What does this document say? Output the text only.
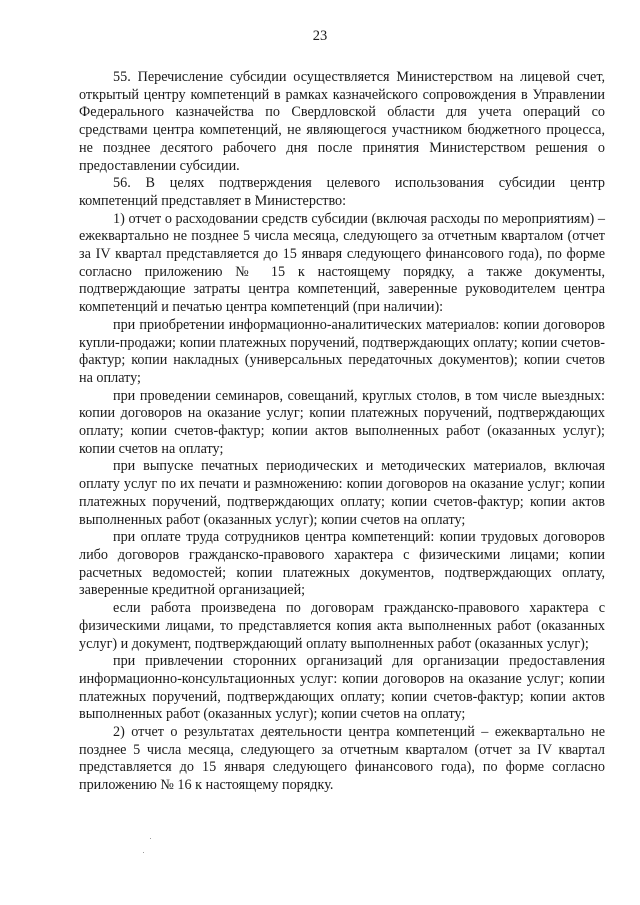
23

55. Перечисление субсидии осуществляется Министерством на лицевой счет, открытый центру компетенций в рамках казначейского сопровождения в Управлении Федерального казначейства по Свердловской области для учета операций со средствами центра компетенций, не являющегося участником бюджетного процесса, не позднее десятого рабочего дня после принятия Министерством решения о предоставлении субсидии.

56. В целях подтверждения целевого использования субсидии центр компетенций представляет в Министерство:

1) отчет о расходовании средств субсидии (включая расходы по мероприятиям) – ежеквартально не позднее 5 числа месяца, следующего за отчетным кварталом (отчет за IV квартал представляется до 15 января следующего финансового года), по форме согласно приложению № 15 к настоящему порядку, а также документы, подтверждающие затраты центра компетенций, заверенные руководителем центра компетенций и печатью центра компетенций (при наличии):

при приобретении информационно-аналитических материалов: копии договоров купли-продажи; копии платежных поручений, подтверждающих оплату; копии счетов-фактур; копии накладных (универсальных передаточных документов); копии счетов на оплату;

при проведении семинаров, совещаний, круглых столов, в том числе выездных: копии договоров на оказание услуг; копии платежных поручений, подтверждающих оплату; копии счетов-фактур; копии актов выполненных работ (оказанных услуг); копии счетов на оплату;

при выпуске печатных периодических и методических материалов, включая оплату услуг по их печати и размножению: копии договоров на оказание услуг; копии платежных поручений, подтверждающих оплату; копии счетов-фактур; копии актов выполненных работ (оказанных услуг); копии счетов на оплату;

при оплате труда сотрудников центра компетенций: копии трудовых договоров либо договоров гражданско-правового характера с физическими лицами; копии расчетных ведомостей; копии платежных документов, подтверждающих оплату, заверенные кредитной организацией;

если работа произведена по договорам гражданско-правового характера с физическими лицами, то представляется копия акта выполненных работ (оказанных услуг) и документ, подтверждающий оплату выполненных работ (оказанных услуг);

при привлечении сторонних организаций для организации предоставления информационно-консультационных услуг: копии договоров на оказание услуг; копии платежных поручений, подтверждающих оплату; копии счетов-фактур; копии актов выполненных работ (оказанных услуг); копии счетов на оплату;

2) отчет о результатах деятельности центра компетенций – ежеквартально не позднее 5 числа месяца, следующего за отчетным кварталом (отчет за IV квартал представляется до 15 января следующего финансового года), по форме согласно приложению № 16 к настоящему порядку.
